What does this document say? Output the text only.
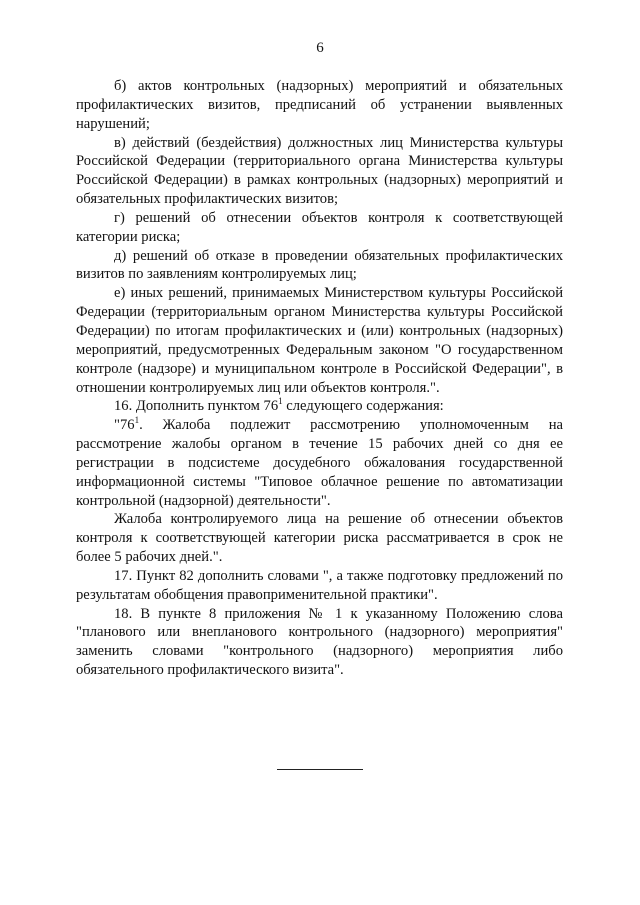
6

б) актов контрольных (надзорных) мероприятий и обязательных профилактических визитов, предписаний об устранении выявленных нарушений;

в) действий (бездействия) должностных лиц Министерства культуры Российской Федерации (территориального органа Министерства культуры Российской Федерации) в рамках контрольных (надзорных) мероприятий и обязательных профилактических визитов;

г) решений об отнесении объектов контроля к соответствующей категории риска;

д) решений об отказе в проведении обязательных профилактических визитов по заявлениям контролируемых лиц;

е) иных решений, принимаемых Министерством культуры Российской Федерации (территориальным органом Министерства культуры Российской Федерации) по итогам профилактических и (или) контрольных (надзорных) мероприятий, предусмотренных Федеральным законом "О государственном контроле (надзоре) и муниципальном контроле в Российской Федерации", в отношении контролируемых лиц или объектов контроля.".

16. Дополнить пунктом $76^1$ следующего содержания:

"$76^1$. Жалоба подлежит рассмотрению уполномоченным на рассмотрение жалобы органом в течение 15 рабочих дней со дня ее регистрации в подсистеме досудебного обжалования государственной информационной системы "Типовое облачное решение по автоматизации контрольной (надзорной) деятельности".

Жалоба контролируемого лица на решение об отнесении объектов контроля к соответствующей категории риска рассматривается в срок не более 5 рабочих дней.".

17. Пункт 82 дополнить словами ", а также подготовку предложений по результатам обобщения правоприменительной практики".

18. В пункте 8 приложения № 1 к указанному Положению слова "планового или внепланового контрольного (надзорного) мероприятия" заменить словами "контрольного (надзорного) мероприятия либо обязательного профилактического визита".
